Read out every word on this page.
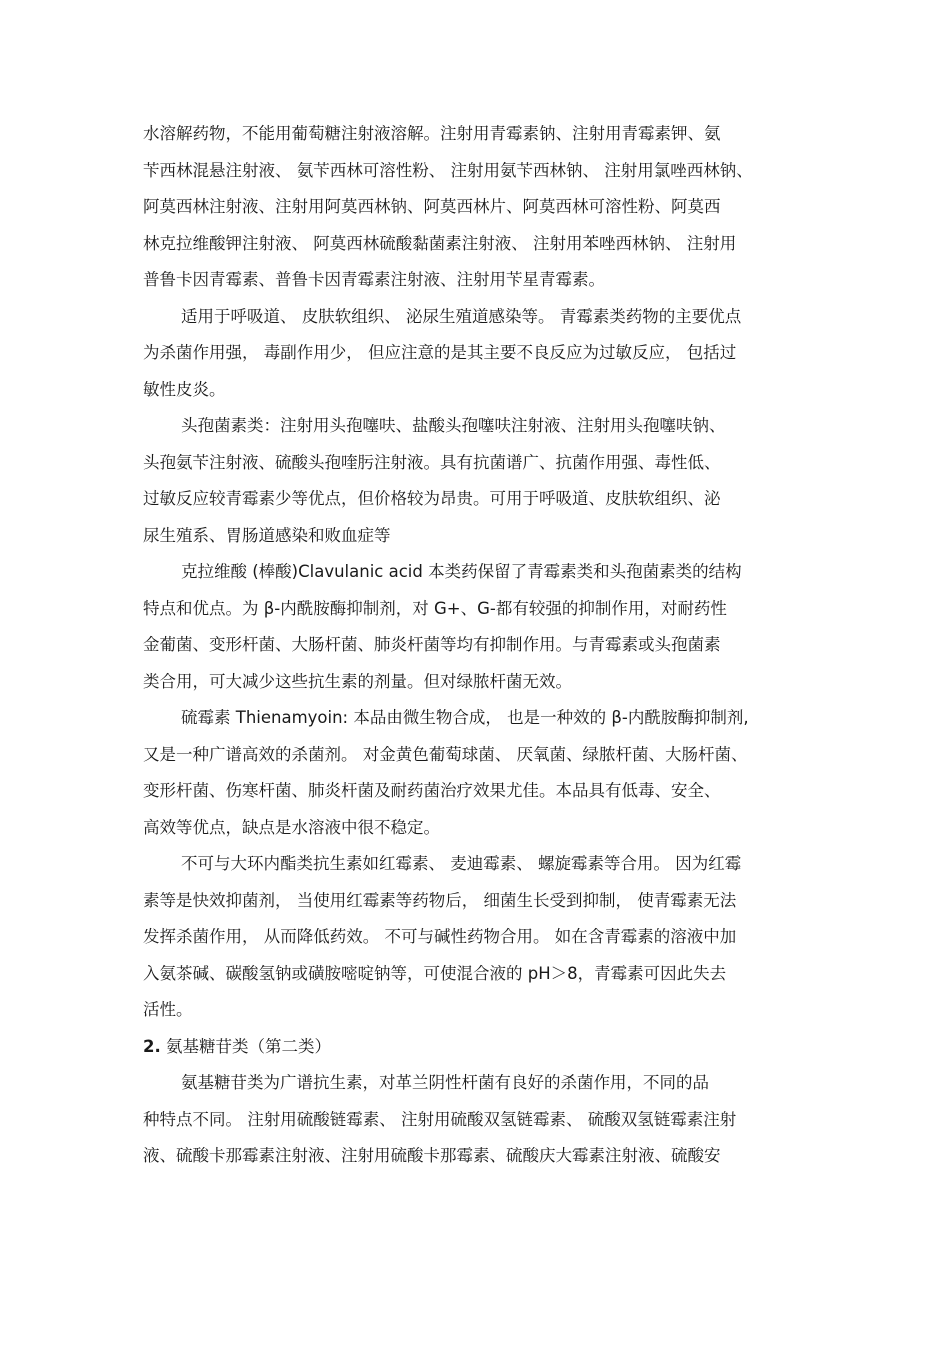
水溶解药物，不能用葡萄糖注射液溶解。注射用青霉素钠、注射用青霉素钾、氨
苄西林混悬注射液、 氨苄西林可溶性粉、 注射用氨苄西林钠、 注射用氯唑西林钠、
阿莫西林注射液、注射用阿莫西林钠、阿莫西林片、阿莫西林可溶性粉、阿莫西
林克拉维酸钾注射液、 阿莫西林硫酸黏菌素注射液、 注射用苯唑西林钠、 注射用
普鲁卡因青霉素、普鲁卡因青霉素注射液、注射用苄星青霉素。
适用于呼吸道、 皮肤软组织、 泌尿生殖道感染等。 青霉素类药物的主要优点
为杀菌作用强， 毒副作用少， 但应注意的是其主要不良反应为过敏反应， 包括过
敏性皮炎。
头孢菌素类：注射用头孢噻呋、盐酸头孢噻呋注射液、注射用头孢噻呋钠、
头孢氨苄注射液、硫酸头孢喹肟注射液。具有抗菌谱广、抗菌作用强、毒性低、
过敏反应较青霉素少等优点，但价格较为昂贵。可用于呼吸道、皮肤软组织、泌
尿生殖系、胃肠道感染和败血症等
克拉维酸 (棒酸)Clavulanic acid 本类药保留了青霉素类和头孢菌素类的结构
特点和优点。为 β-内酰胺酶抑制剂，对 G+、G-都有较强的抑制作用，对耐药性
金葡菌、变形杆菌、大肠杆菌、肺炎杆菌等均有抑制作用。与青霉素或头孢菌素
类合用，可大减少这些抗生素的剂量。但对绿脓杆菌无效。
硫霉素 Thienamyoin: 本品由微生物合成， 也是一种效的 β-内酰胺酶抑制剂,
又是一种广谱高效的杀菌剂。 对金黄色葡萄球菌、 厌氧菌、绿脓杆菌、大肠杆菌、
变形杆菌、伤寒杆菌、肺炎杆菌及耐药菌治疗效果尤佳。本品具有低毒、安全、
高效等优点，缺点是水溶液中很不稳定。
不可与大环内酯类抗生素如红霉素、 麦迪霉素、 螺旋霉素等合用。 因为红霉
素等是快效抑菌剂， 当使用红霉素等药物后， 细菌生长受到抑制， 使青霉素无法
发挥杀菌作用， 从而降低药效。 不可与碱性药物合用。 如在含青霉素的溶液中加
入氨茶碱、碳酸氢钠或磺胺嘧啶钠等，可使混合液的 pH＞8，青霉素可因此失去
活性。
2. 氨基糖苷类（第二类）
氨基糖苷类为广谱抗生素，对革兰阴性杆菌有良好的杀菌作用，不同的品
种特点不同。 注射用硫酸链霉素、 注射用硫酸双氢链霉素、 硫酸双氢链霉素注射
液、硫酸卡那霉素注射液、注射用硫酸卡那霉素、硫酸庆大霉素注射液、硫酸安
